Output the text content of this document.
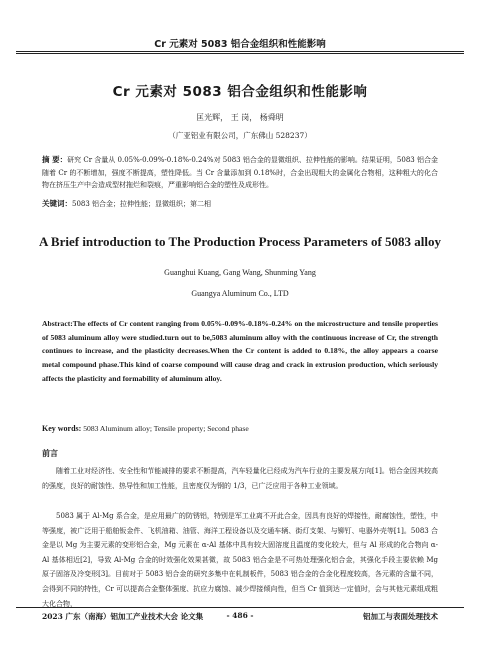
Cr 元素对 5083 铝合金组织和性能影响
Cr 元素对 5083 铝合金组织和性能影响
匡光辉， 王 岗， 杨舜明
（广亚铝业有限公司，广东佛山 528237）
摘 要：研究 Cr 含量从 0.05%-0.09%-0.18%-0.24%对 5083 铝合金的显微组织、拉伸性能的影响。结果证明，5083 铝合金随着 Cr 的不断增加，强度不断提高，塑性降低。当 Cr 含量添加到 0.18%时，合金出现粗大的金属化合物相，这种粗大的化合物在挤压生产中会造成型材拖烂和裂痕，严重影响铝合金的塑性及成形性。
关键词：5083 铝合金；拉伸性能；显微组织；第二相
A Brief introduction to The Production Process Parameters of 5083 alloy
Guanghui Kuang, Gang Wang, Shunming Yang
Guangya Aluminum Co., LTD
Abstract:The effects of Cr content ranging from 0.05%-0.09%-0.18%-0.24% on the microstructure and tensile properties of 5083 aluminum alloy were studied.turn out to be,5083 aluminum alloy with the continuous increase of Cr, the strength continues to increase, and the plasticity decreases.When the Cr content is added to 0.18%, the alloy appears a coarse metal compound phase.This kind of coarse compound will cause drag and crack in extrusion production, which seriously affects the plasticity and formability of aluminum alloy.
Key words: 5083 Aluminum alloy; Tensile property; Second phase
前言
随着工业对经济性、安全性和节能减排的要求不断提高，汽车轻量化已经成为汽车行业的主要发展方向[1]。铝合金因其较高的强度，良好的耐蚀性、热导性和加工性能，且密度仅为钢的 1/3，已广泛应用于各种工业领域。
5083 属于 Al-Mg 系合金，是应用最广的防锈铝，特别是军工业离不开此合金，因具有良好的焊接性，耐腐蚀性，塑性，中等强度，被广泛用于船舶钣金件、飞机油箱、油管、海洋工程设备以及交通车辆、街灯支架、与铆钉、电器外壳等[1]。5083 合金是以 Mg 为主要元素的变形铝合金，Mg 元素在 α-Al 基体中具有较大固溶度且温度的变化较大，但与 Al 形成的化合物向 α-Al 基体相近[2]，导致 Al-Mg 合金的时效强化效果甚微，故 5083 铝合金是不可热处理强化铝合金，其强化手段主要依赖 Mg 原子固溶及冷变形[3]。目前对于 5083 铝合金的研究多集中在轧制板件，5083 铝合金的合金化程度较高，各元素的含量不同，会得到不同的特性，Cr 可以提高合金整体强度、抗应力腐蚀、减少焊接倾向性，但当 Cr 值到达一定值时，会与其他元素组成粗大化合物，
2023 广东（南海）铝加工产业技术大会 论文集	- 486 -	铝加工与表面处理技术
